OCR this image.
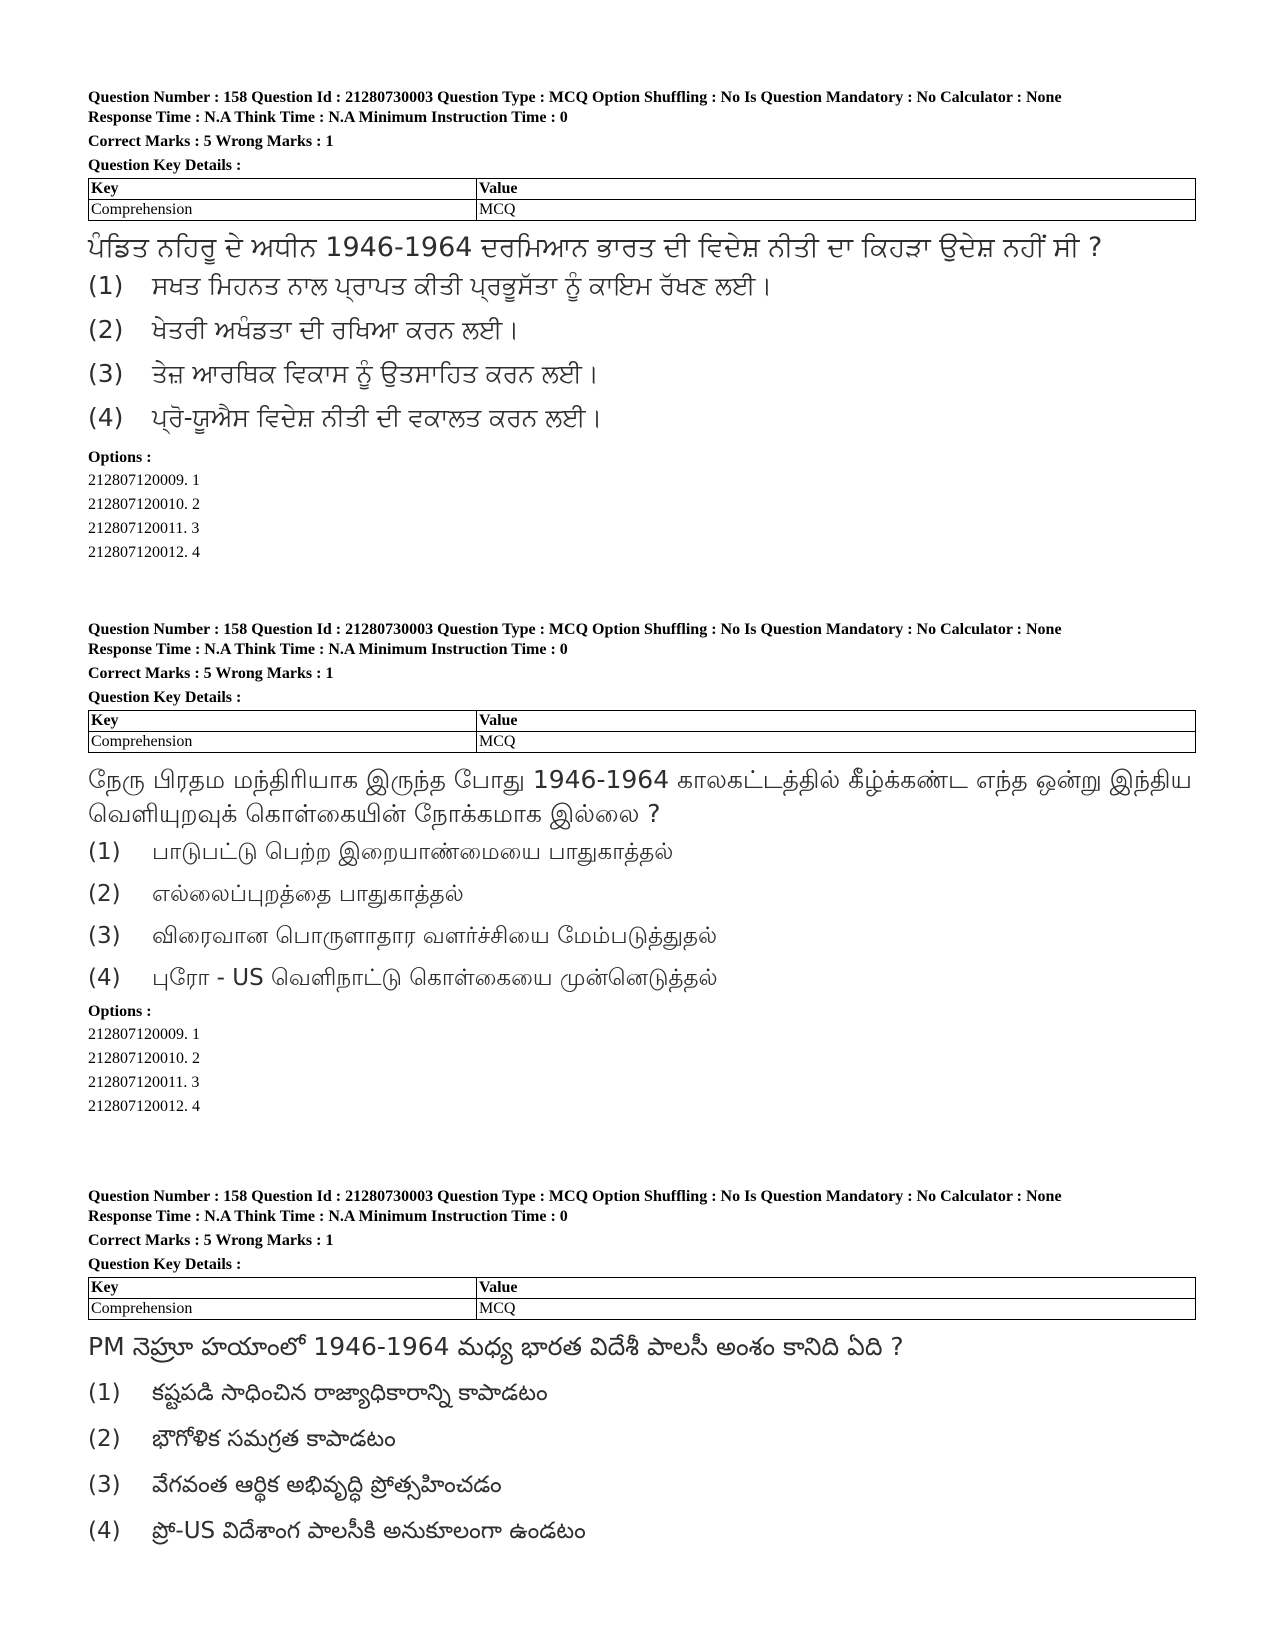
Question Number : 158 Question Id : 21280730003 Question Type : MCQ Option Shuffling : No Is Question Mandatory : No Calculator : None
Response Time : N.A Think Time : N.A Minimum Instruction Time : 0
Correct Marks : 5 Wrong Marks : 1
Question Key Details :
Key	Value
Comprehension	MCQ
ਪੰਡਿਤ ਨਹਿਰੂ ਦੇ ਅਧੀਨ 1946-1964 ਦਰਮਿਆਨ ਭਾਰਤ ਦੀ ਵਿਦੇਸ਼ ਨੀਤੀ ਦਾ ਕਿਹੜਾ ਉਦੇਸ਼ ਨਹੀਂ ਸੀ ?
(1)	ਸਖਤ ਮਿਹਨਤ ਨਾਲ ਪ੍ਰਾਪਤ ਕੀਤੀ ਪ੍ਰਭੂਸੱਤਾ ਨੂੰ ਕਾਇਮ ਰੱਖਣ ਲਈ।
(2)	ਖੇਤਰੀ ਅਖੰਡਤਾ ਦੀ ਰਖਿਆ ਕਰਨ ਲਈ।
(3)	ਤੇਜ਼ ਆਰਥਿਕ ਵਿਕਾਸ ਨੂੰ ਉਤਸਾਹਿਤ ਕਰਨ ਲਈ।
(4)	ਪ੍ਰੋ-ਯੂਐਸ ਵਿਦੇਸ਼ ਨੀਤੀ ਦੀ ਵਕਾਲਤ ਕਰਨ ਲਈ।
Options :
212807120009. 1
212807120010. 2
212807120011. 3
212807120012. 4
Question Number : 158 Question Id : 21280730003 Question Type : MCQ Option Shuffling : No Is Question Mandatory : No Calculator : None
Response Time : N.A Think Time : N.A Minimum Instruction Time : 0
Correct Marks : 5 Wrong Marks : 1
Question Key Details :
Key	Value
Comprehension	MCQ
நேரு பிரதம மந்திரியாக இருந்த போது 1946-1964 காலகட்டத்தில் கீழ்க்கண்ட எந்த ஒன்று இந்திய வெளியுறவுக் கொள்கையின் நோக்கமாக இல்லை ?
(1)	பாடுபட்டு பெற்ற இறையாண்மையை பாதுகாத்தல்
(2)	எல்லைப்புறத்தை பாதுகாத்தல்
(3)	விரைவான பொருளாதார வளர்ச்சியை மேம்படுத்துதல்
(4)	புரோ - US வெளிநாட்டு கொள்கையை முன்னெடுத்தல்
Options :
212807120009. 1
212807120010. 2
212807120011. 3
212807120012. 4
Question Number : 158 Question Id : 21280730003 Question Type : MCQ Option Shuffling : No Is Question Mandatory : No Calculator : None
Response Time : N.A Think Time : N.A Minimum Instruction Time : 0
Correct Marks : 5 Wrong Marks : 1
Question Key Details :
Key	Value
Comprehension	MCQ
PM నెహ్రూ హయాంలో 1946-1964 మధ్య భారత విదేశీ పాలసీ అంశం కానిది ఏది ?
(1)	కష్టపడి సాధించిన రాజ్యాధికారాన్ని కాపాడటం
(2)	భౌగోళిక సమగ్రత కాపాడటం
(3)	వేగవంత ఆర్థిక అభివృద్ధి ప్రోత్సహించడం
(4)	ప్రో-US విదేశాంగ పాలసీకి అనుకూలంగా ఉండటం
